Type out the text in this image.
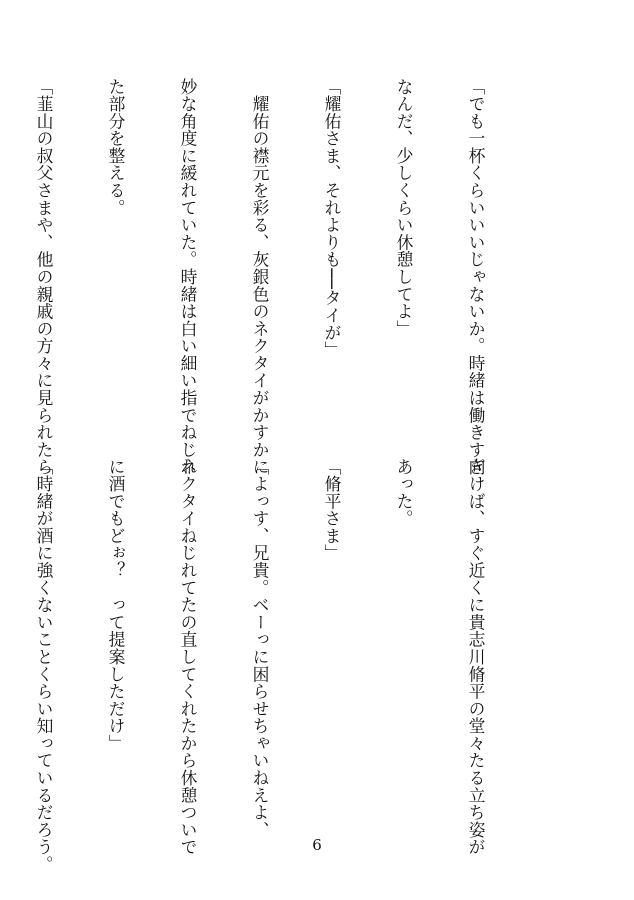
「でも一杯くらいいいじゃないか。時緒は働きすぎ

なんだ、少しくらい休憩してよ」

「耀佑さま、それよりも──タイが」

　耀佑の襟元を彩る、灰銀色のネクタイがかすかに

妙な角度に緩れていた。時緒は白い細い指でねじれ

た部分を整える。

「韮山の叔父さまや、他の親戚の方々に見られたら

向けば、すぐ近くに貴志川脩平の堂々たる立ち姿が

あった。

「脩平さま」

「よっす、兄貴。ベーっに困らせちゃいねえよ、

ネクタイねじれてたの直してくれたから休憩ついで

に酒でもどぉ？　って提案しただけ」

「時緒が酒に強くないことくらい知っているだろう。

	6
